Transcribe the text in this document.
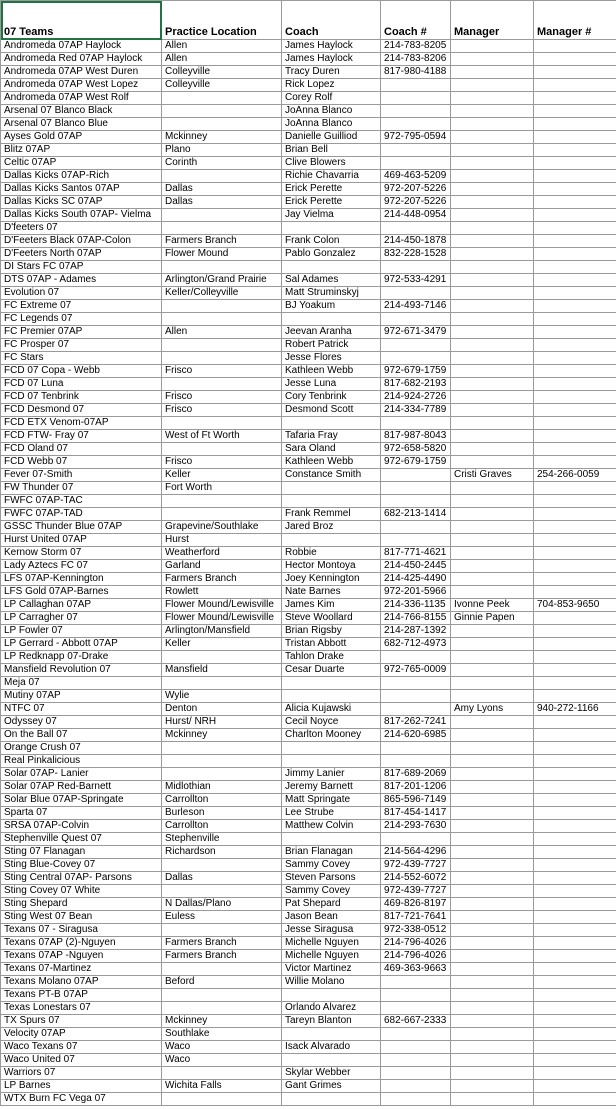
07 Teams	Practice Location	Coach	Coach #	Manager	Manager #
Andromeda 07AP Haylock	Allen	James Haylock	214-783-8205		
Andromeda Red 07AP Haylock	Allen	James Haylock	214-783-8206		
Andromeda 07AP West Duren	Colleyville	Tracy Duren	817-980-4188		
Andromeda 07AP West Lopez	Colleyville	Rick Lopez			
Andromeda 07AP West Rolf		Corey Rolf			
Arsenal 07 Blanco Black		JoAnna Blanco			
Arsenal 07 Blanco Blue		JoAnna Blanco			
Ayses Gold 07AP	Mckinney	Danielle Guilliod	972-795-0594		
Blitz 07AP	Plano	Brian Bell			
Celtic 07AP	Corinth	Clive Blowers			
Dallas Kicks 07AP-Rich		Richie Chavarria	469-463-5209		
Dallas Kicks Santos 07AP	Dallas	Erick Perette	972-207-5226		
Dallas Kicks SC 07AP	Dallas	Erick Perette	972-207-5226		
Dallas Kicks South 07AP- Vielma		Jay Vielma	214-448-0954		
D'feeters 07					
D'Feeters Black 07AP-Colon	Farmers Branch	Frank Colon	214-450-1878		
D'Feeters North 07AP	Flower Mound	Pablo Gonzalez	832-228-1528		
DI Stars FC 07AP					
DTS 07AP - Adames	Arlington/Grand Prairie	Sal Adames	972-533-4291		
Evolution 07	Keller/Colleyville	Matt Struminskyj			
FC Extreme 07		BJ Yoakum	214-493-7146		
FC Legends 07					
FC Premier 07AP	Allen	Jeevan Aranha	972-671-3479		
FC Prosper 07		Robert Patrick			
FC Stars		Jesse Flores			
FCD 07 Copa - Webb	Frisco	Kathleen Webb	972-679-1759		
FCD 07 Luna		Jesse Luna	817-682-2193		
FCD 07 Tenbrink	Frisco	Cory Tenbrink	214-924-2726		
FCD Desmond 07	Frisco	Desmond Scott	214-334-7789		
FCD ETX Venom-07AP					
FCD FTW- Fray 07	West of Ft Worth	Tafaria Fray	817-987-8043		
FCD Oland 07		Sara Oland	972-658-5820		
FCD Webb 07	Frisco	Kathleen Webb	972-679-1759		
Fever 07-Smith	Keller	Constance Smith		Cristi Graves	254-266-0059
FW Thunder 07	Fort Worth				
FWFC 07AP-TAC					
FWFC 07AP-TAD		Frank Remmel	682-213-1414		
GSSC Thunder Blue 07AP	Grapevine/Southlake	Jared Broz			
Hurst United 07AP	Hurst				
Kernow Storm 07	Weatherford	Robbie	817-771-4621		
Lady Aztecs FC 07	Garland	Hector Montoya	214-450-2445		
LFS 07AP-Kennington	Farmers Branch	Joey Kennington	214-425-4490		
LFS Gold 07AP-Barnes	Rowlett	Nate Barnes	972-201-5966		
LP Callaghan 07AP	Flower Mound/Lewisville	James Kim	214-336-1135	Ivonne Peek	704-853-9650
LP Carragher 07	Flower Mound/Lewisville	Steve Woollard	214-766-8155	Ginnie Papen	
LP Fowler 07	Arlington/Mansfield	Brian Rigsby	214-287-1392		
LP Gerrard - Abbott 07AP	Keller	Tristan Abbott	682-712-4973		
LP Redknapp 07-Drake		Tahlon Drake			
Mansfield Revolution 07	Mansfield	Cesar Duarte	972-765-0009		
Meja 07					
Mutiny 07AP	Wylie				
NTFC 07	Denton	Alicia Kujawski		Amy Lyons	940-272-1166
Odyssey 07	Hurst/ NRH	Cecil Noyce	817-262-7241		
On the Ball 07	Mckinney	Charlton Mooney	214-620-6985		
Orange Crush 07					
Real Pinkalicious					
Solar 07AP- Lanier		Jimmy Lanier	817-689-2069		
Solar 07AP Red-Barnett	Midlothian	Jeremy Barnett	817-201-1206		
Solar Blue 07AP-Springate	Carrollton	Matt Springate	865-596-7149		
Sparta 07	Burleson	Lee Strube	817-454-1417		
SRSA 07AP-Colvin	Carrollton	Matthew Colvin	214-293-7630		
Stephenville Quest 07	Stephenville				
Sting 07 Flanagan	Richardson	Brian Flanagan	214-564-4296		
Sting Blue-Covey 07		Sammy Covey	972-439-7727		
Sting Central 07AP- Parsons	Dallas	Steven Parsons	214-552-6072		
Sting Covey 07 White		Sammy Covey	972-439-7727		
Sting Shepard	N Dallas/Plano	Pat Shepard	469-826-8197		
Sting West 07 Bean	Euless	Jason Bean	817-721-7641		
Texans 07 - Siragusa		Jesse Siragusa	972-338-0512		
Texans 07AP (2)-Nguyen	Farmers Branch	Michelle Nguyen	214-796-4026		
Texans 07AP -Nguyen	Farmers Branch	Michelle Nguyen	214-796-4026		
Texans 07-Martinez		Victor Martinez	469-363-9663		
Texans Molano 07AP	Beford	Willie Molano			
Texans PT-B 07AP					
Texas Lonestars 07		Orlando Alvarez			
TX Spurs 07	Mckinney	Tareyn Blanton	682-667-2333		
Velocity 07AP	Southlake				
Waco Texans 07	Waco	Isack Alvarado			
Waco United 07	Waco				
Warriors 07		Skylar Webber			
LP Barnes	Wichita Falls	Gant Grimes			
WTX Burn FC Vega 07					
